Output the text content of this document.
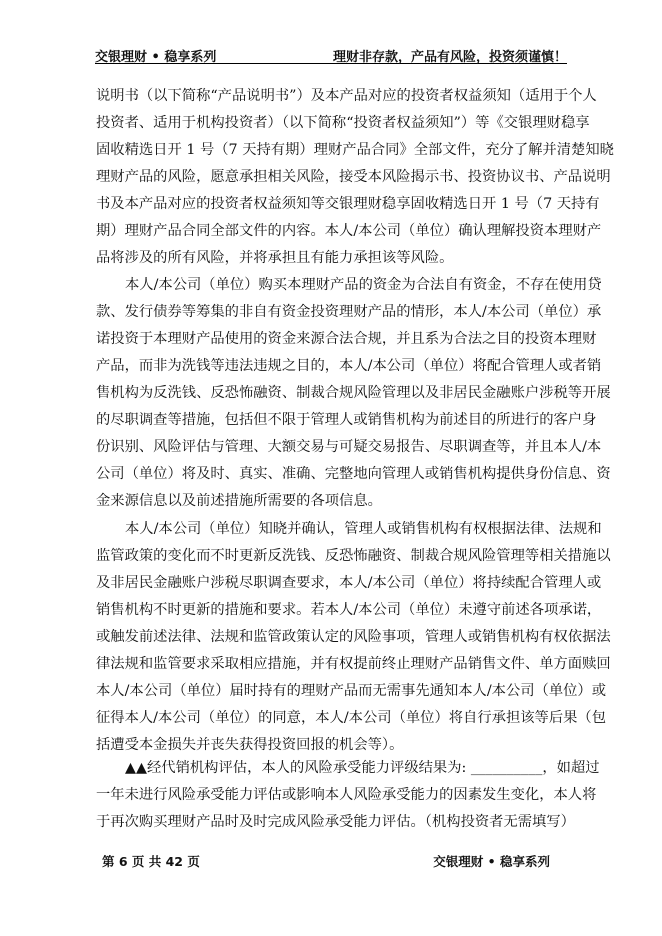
交银理财 • 稳享系列	理财非存款，产品有风险，投资须谨慎！
说明书（以下简称“产品说明书”）及本产品对应的投资者权益须知（适用于个人
投资者、适用于机构投资者）（以下简称“投资者权益须知”）等《交银理财稳享
固收精选日开 1 号（7 天持有期）理财产品合同》全部文件，充分了解并清楚知晓
理财产品的风险，愿意承担相关风险，接受本风险揭示书、投资协议书、产品说明
书及本产品对应的投资者权益须知等交银理财稳享固收精选日开 1 号（7 天持有
期）理财产品合同全部文件的内容。本人/本公司（单位）确认理解投资本理财产
品将涉及的所有风险，并将承担且有能力承担该等风险。
本人/本公司（单位）购买本理财产品的资金为合法自有资金，不存在使用贷
款、发行债券等筹集的非自有资金投资理财产品的情形，本人/本公司（单位）承
诺投资于本理财产品使用的资金来源合法合规，并且系为合法之目的投资本理财
产品，而非为洗钱等违法违规之目的，本人/本公司（单位）将配合管理人或者销
售机构为反洗钱、反恐怖融资、制裁合规风险管理以及非居民金融账户涉税等开展
的尽职调查等措施，包括但不限于管理人或销售机构为前述目的所进行的客户身
份识别、风险评估与管理、大额交易与可疑交易报告、尽职调查等，并且本人/本
公司（单位）将及时、真实、准确、完整地向管理人或销售机构提供身份信息、资
金来源信息以及前述措施所需要的各项信息。
本人/本公司（单位）知晓并确认，管理人或销售机构有权根据法律、法规和
监管政策的变化而不时更新反洗钱、反恐怖融资、制裁合规风险管理等相关措施以
及非居民金融账户涉税尽职调查要求，本人/本公司（单位）将持续配合管理人或
销售机构不时更新的措施和要求。若本人/本公司（单位）未遵守前述各项承诺，
或触发前述法律、法规和监管政策认定的风险事项，管理人或销售机构有权依据法
律法规和监管要求采取相应措施，并有权提前终止理财产品销售文件、单方面赎回
本人/本公司（单位）届时持有的理财产品而无需事先通知本人/本公司（单位）或
征得本人/本公司（单位）的同意，本人/本公司（单位）将自行承担该等后果（包
括遭受本金损失并丧失获得投资回报的机会等）。
▲▲经代销机构评估，本人的风险承受能力评级结果为: __________，如超过
一年未进行风险承受能力评估或影响本人风险承受能力的因素发生变化，本人将
于再次购买理财产品时及时完成风险承受能力评估。（机构投资者无需填写）
第 6 页 共 42 页	交银理财 • 稳享系列
